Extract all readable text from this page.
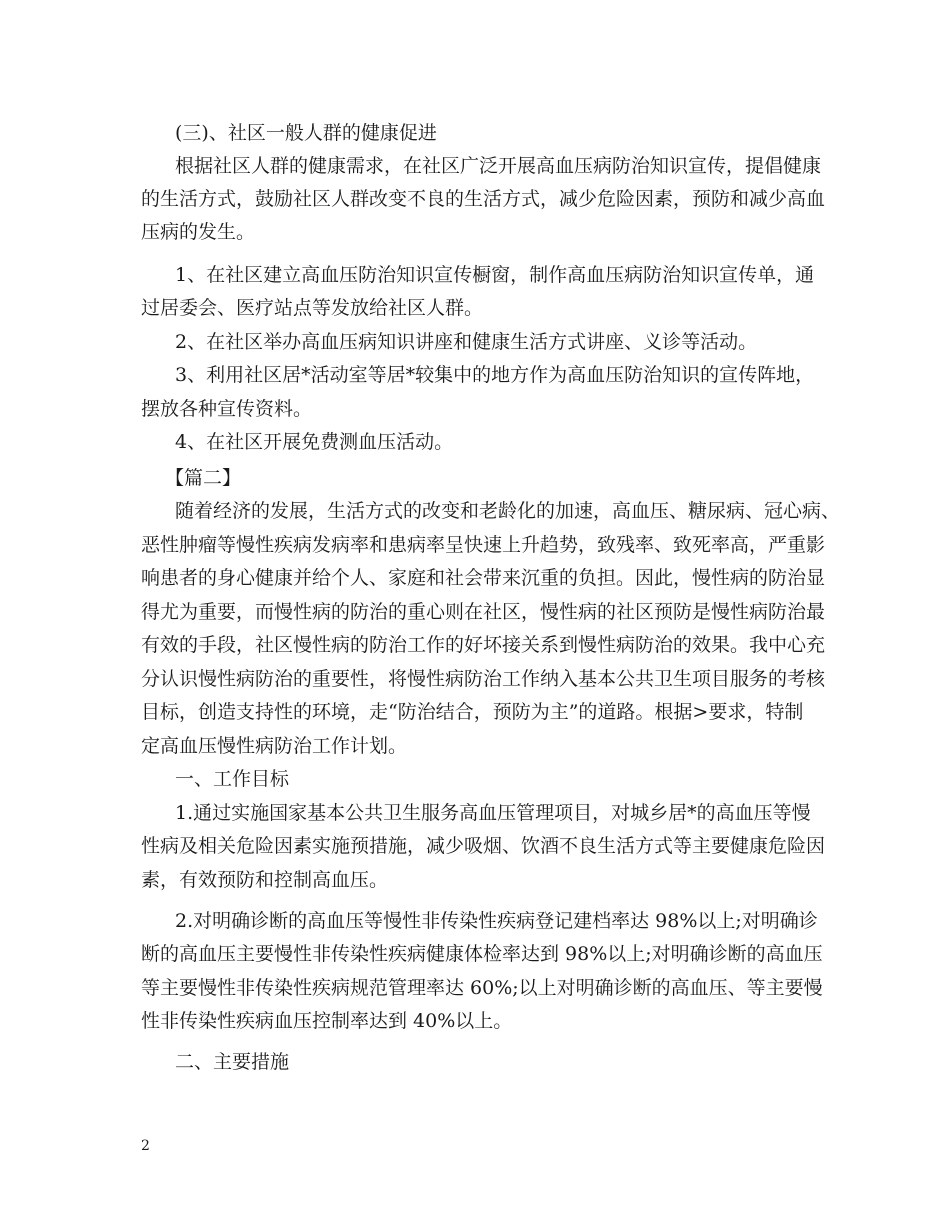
(三)、社区一般人群的健康促进
根据社区人群的健康需求，在社区广泛开展高血压病防治知识宣传，提倡健康
的生活方式，鼓励社区人群改变不良的生活方式，减少危险因素，预防和减少高血
压病的发生。
1、在社区建立高血压防治知识宣传橱窗，制作高血压病防治知识宣传单，通
过居委会、医疗站点等发放给社区人群。
2、在社区举办高血压病知识讲座和健康生活方式讲座、义诊等活动。
3、利用社区居*活动室等居*较集中的地方作为高血压防治知识的宣传阵地，
摆放各种宣传资料。
4、在社区开展免费测血压活动。
【篇二】
随着经济的发展，生活方式的改变和老龄化的加速，高血压、糖尿病、冠心病、
恶性肿瘤等慢性疾病发病率和患病率呈快速上升趋势，致残率、致死率高，严重影
响患者的身心健康并给个人、家庭和社会带来沉重的负担。因此，慢性病的防治显
得尤为重要，而慢性病的防治的重心则在社区，慢性病的社区预防是慢性病防治最
有效的手段，社区慢性病的防治工作的好坏接关系到慢性病防治的效果。我中心充
分认识慢性病防治的重要性，将慢性病防治工作纳入基本公共卫生项目服务的考核
目标，创造支持性的环境，走“防治结合，预防为主”的道路。根据>要求，特制
定高血压慢性病防治工作计划。
一、工作目标
1.通过实施国家基本公共卫生服务高血压管理项目，对城乡居*的高血压等慢
性病及相关危险因素实施预措施，减少吸烟、饮酒不良生活方式等主要健康危险因
素，有效预防和控制高血压。
2.对明确诊断的高血压等慢性非传染性疾病登记建档率达 98%以上;对明确诊
断的高血压主要慢性非传染性疾病健康体检率达到 98%以上;对明确诊断的高血压
等主要慢性非传染性疾病规范管理率达 60%;以上对明确诊断的高血压、等主要慢
性非传染性疾病血压控制率达到 40%以上。
二、主要措施
2
